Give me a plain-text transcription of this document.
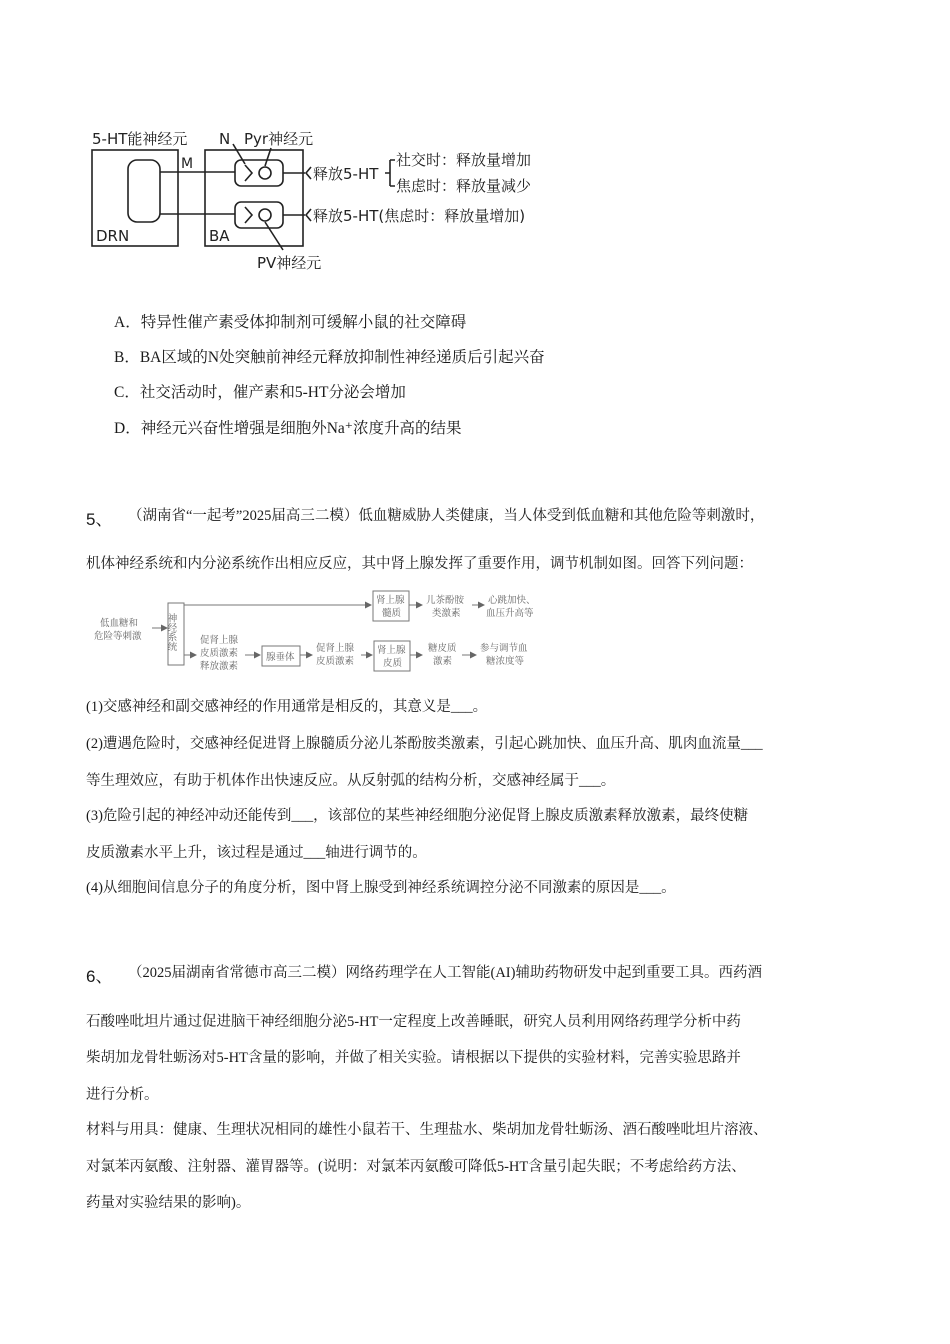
5-HT能神经元 N Pyr神经元
M
DRN	BA
PV神经元
释放5-HT
社交时：释放量增加
焦虑时：释放量减少
释放5-HT(焦虑时：释放量增加)
A．特异性催产素受体抑制剂可缓解小鼠的社交障碍
B．BA区域的N处突触前神经元释放抑制性神经递质后引起兴奋
C．社交活动时，催产素和5-HT分泌会增加
D．神经元兴奋性增强是细胞外Na⁺浓度升高的结果
5、 （湖南省“一起考”2025届高三二模）低血糖威胁人类健康，当人体受到低血糖和其他危险等刺激时，
机体神经系统和内分泌系统作出相应反应，其中肾上腺发挥了重要作用，调节机制如图。回答下列问题：
低血糖和
危险等刺激	神经系统
肾上腺
髓质
儿茶酚胺
类激素
心跳加快、
血压升高等
促肾上腺
皮质激素
释放激素
腺垂体
促肾上腺
皮质激素
肾上腺
皮质
糖皮质
激素
参与调节血
糖浓度等
(1)交感神经和副交感神经的作用通常是相反的，其意义是___。
(2)遭遇危险时，交感神经促进肾上腺髓质分泌儿茶酚胺类激素，引起心跳加快、血压升高、肌肉血流量___
等生理效应，有助于机体作出快速反应。从反射弧的结构分析，交感神经属于___。
(3)危险引起的神经冲动还能传到___，该部位的某些神经细胞分泌促肾上腺皮质激素释放激素，最终使糖
皮质激素水平上升，该过程是通过___轴进行调节的。
(4)从细胞间信息分子的角度分析，图中肾上腺受到神经系统调控分泌不同激素的原因是___。
6、 （2025届湖南省常德市高三二模）网络药理学在人工智能(AI)辅助药物研发中起到重要工具。西药酒
石酸唑吡坦片通过促进脑干神经细胞分泌5-HT一定程度上改善睡眠，研究人员利用网络药理学分析中药
柴胡加龙骨牡蛎汤对5-HT含量的影响，并做了相关实验。请根据以下提供的实验材料，完善实验思路并
进行分析。
材料与用具：健康、生理状况相同的雄性小鼠若干、生理盐水、柴胡加龙骨牡蛎汤、酒石酸唑吡坦片溶液、
对氯苯丙氨酸、注射器、灌胃器等。(说明：对氯苯丙氨酸可降低5-HT含量引起失眠；不考虑给药方法、
药量对实验结果的影响)。
